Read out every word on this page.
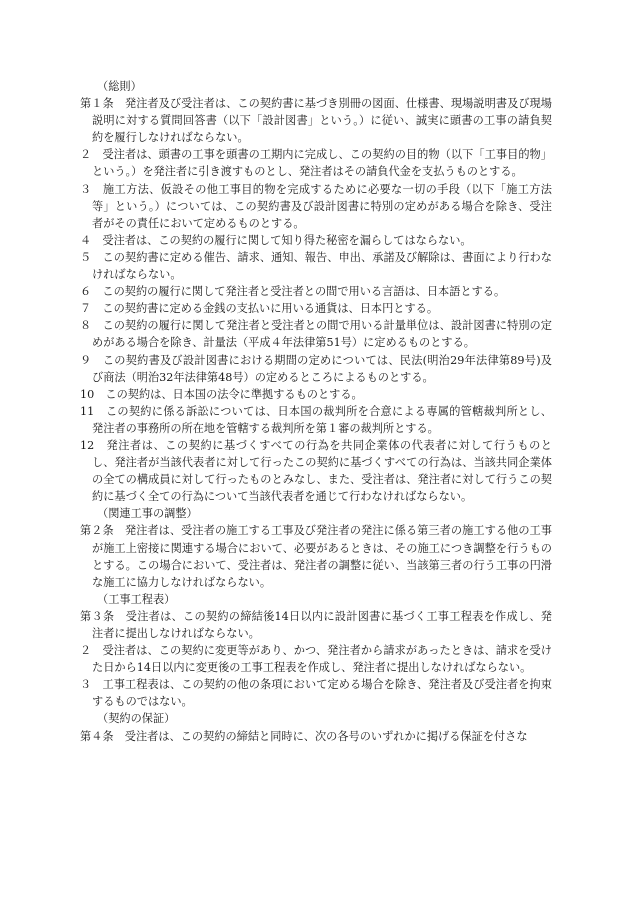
（総則）
第１条　発注者及び受注者は、この契約書に基づき別冊の図面、仕様書、現場説明書及び現場説明に対する質問回答書（以下「設計図書」という。）に従い、誠実に頭書の工事の請負契約を履行しなければならない。
２　受注者は、頭書の工事を頭書の工期内に完成し、この契約の目的物（以下「工事目的物」という。）を発注者に引き渡すものとし、発注者はその請負代金を支払うものとする。
３　施工方法、仮設その他工事目的物を完成するために必要な一切の手段（以下「施工方法等」という。）については、この契約書及び設計図書に特別の定めがある場合を除き、受注者がその責任において定めるものとする。
４　受注者は、この契約の履行に関して知り得た秘密を漏らしてはならない。
５　この契約書に定める催告、請求、通知、報告、申出、承諾及び解除は、書面により行わなければならない。
６　この契約の履行に関して発注者と受注者との間で用いる言語は、日本語とする。
７　この契約書に定める金銭の支払いに用いる通貨は、日本円とする。
８　この契約の履行に関して発注者と受注者との間で用いる計量単位は、設計図書に特別の定めがある場合を除き、計量法（平成４年法律第51号）に定めるものとする。
９　この契約書及び設計図書における期間の定めについては、民法(明治29年法律第89号)及び商法（明治32年法律第48号）の定めるところによるものとする。
10　この契約は、日本国の法令に準拠するものとする。
11　この契約に係る訴訟については、日本国の裁判所を合意による専属的管轄裁判所とし、発注者の事務所の所在地を管轄する裁判所を第１審の裁判所とする。
12　発注者は、この契約に基づくすべての行為を共同企業体の代表者に対して行うものとし、発注者が当該代表者に対して行ったこの契約に基づくすべての行為は、当該共同企業体の全ての構成員に対して行ったものとみなし、また、受注者は、発注者に対して行うこの契約に基づく全ての行為について当該代表者を通じて行わなければならない。
（関連工事の調整）
第２条　発注者は、受注者の施工する工事及び発注者の発注に係る第三者の施工する他の工事が施工上密接に関連する場合において、必要があるときは、その施工につき調整を行うものとする。この場合において、受注者は、発注者の調整に従い、当該第三者の行う工事の円滑な施工に協力しなければならない。
（工事工程表）
第３条　受注者は、この契約の締結後14日以内に設計図書に基づく工事工程表を作成し、発注者に提出しなければならない。
２　受注者は、この契約に変更等があり、かつ、発注者から請求があったときは、請求を受けた日から14日以内に変更後の工事工程表を作成し、発注者に提出しなければならない。
３　工事工程表は、この契約の他の条項において定める場合を除き、発注者及び受注者を拘束するものではない。
（契約の保証）
第４条　受注者は、この契約の締結と同時に、次の各号のいずれかに掲げる保証を付さな
